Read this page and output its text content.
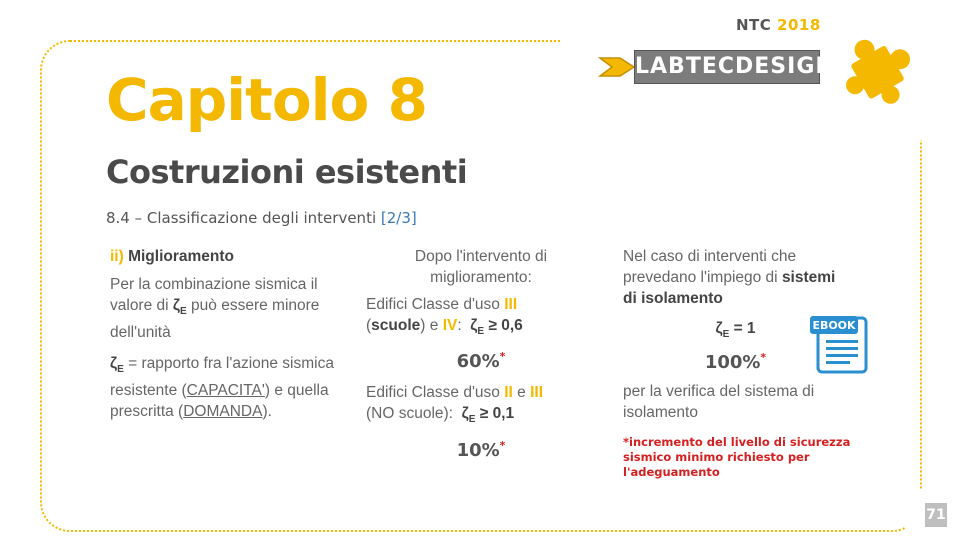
NTC 2018
LABTECDESIGN
Capitolo 8
Costruzioni esistenti
8.4 – Classificazione degli interventi [2/3]

ii) Miglioramento

Per la combinazione sismica il valore di $\zeta_E$ può essere minore dell'unità

$\zeta_E$ = rapporto fra l'azione sismica resistente (CAPACITA') e quella prescritta (DOMANDA).

Dopo l'intervento di miglioramento:

Edifici Classe d'uso III
(scuole) e IV: $\zeta_E \ge 0,6$

60%*

Edifici Classe d'uso II e III
(NO scuole): $\zeta_E \ge 0,1$

10%*

Nel caso di interventi che prevedano l'impiego di sistemi di isolamento

$\zeta_E = 1$

100%*

per la verifica del sistema di isolamento

*incremento del livello di sicurezza sismico minimo richiesto per l'adeguamento

EBOOK
71
